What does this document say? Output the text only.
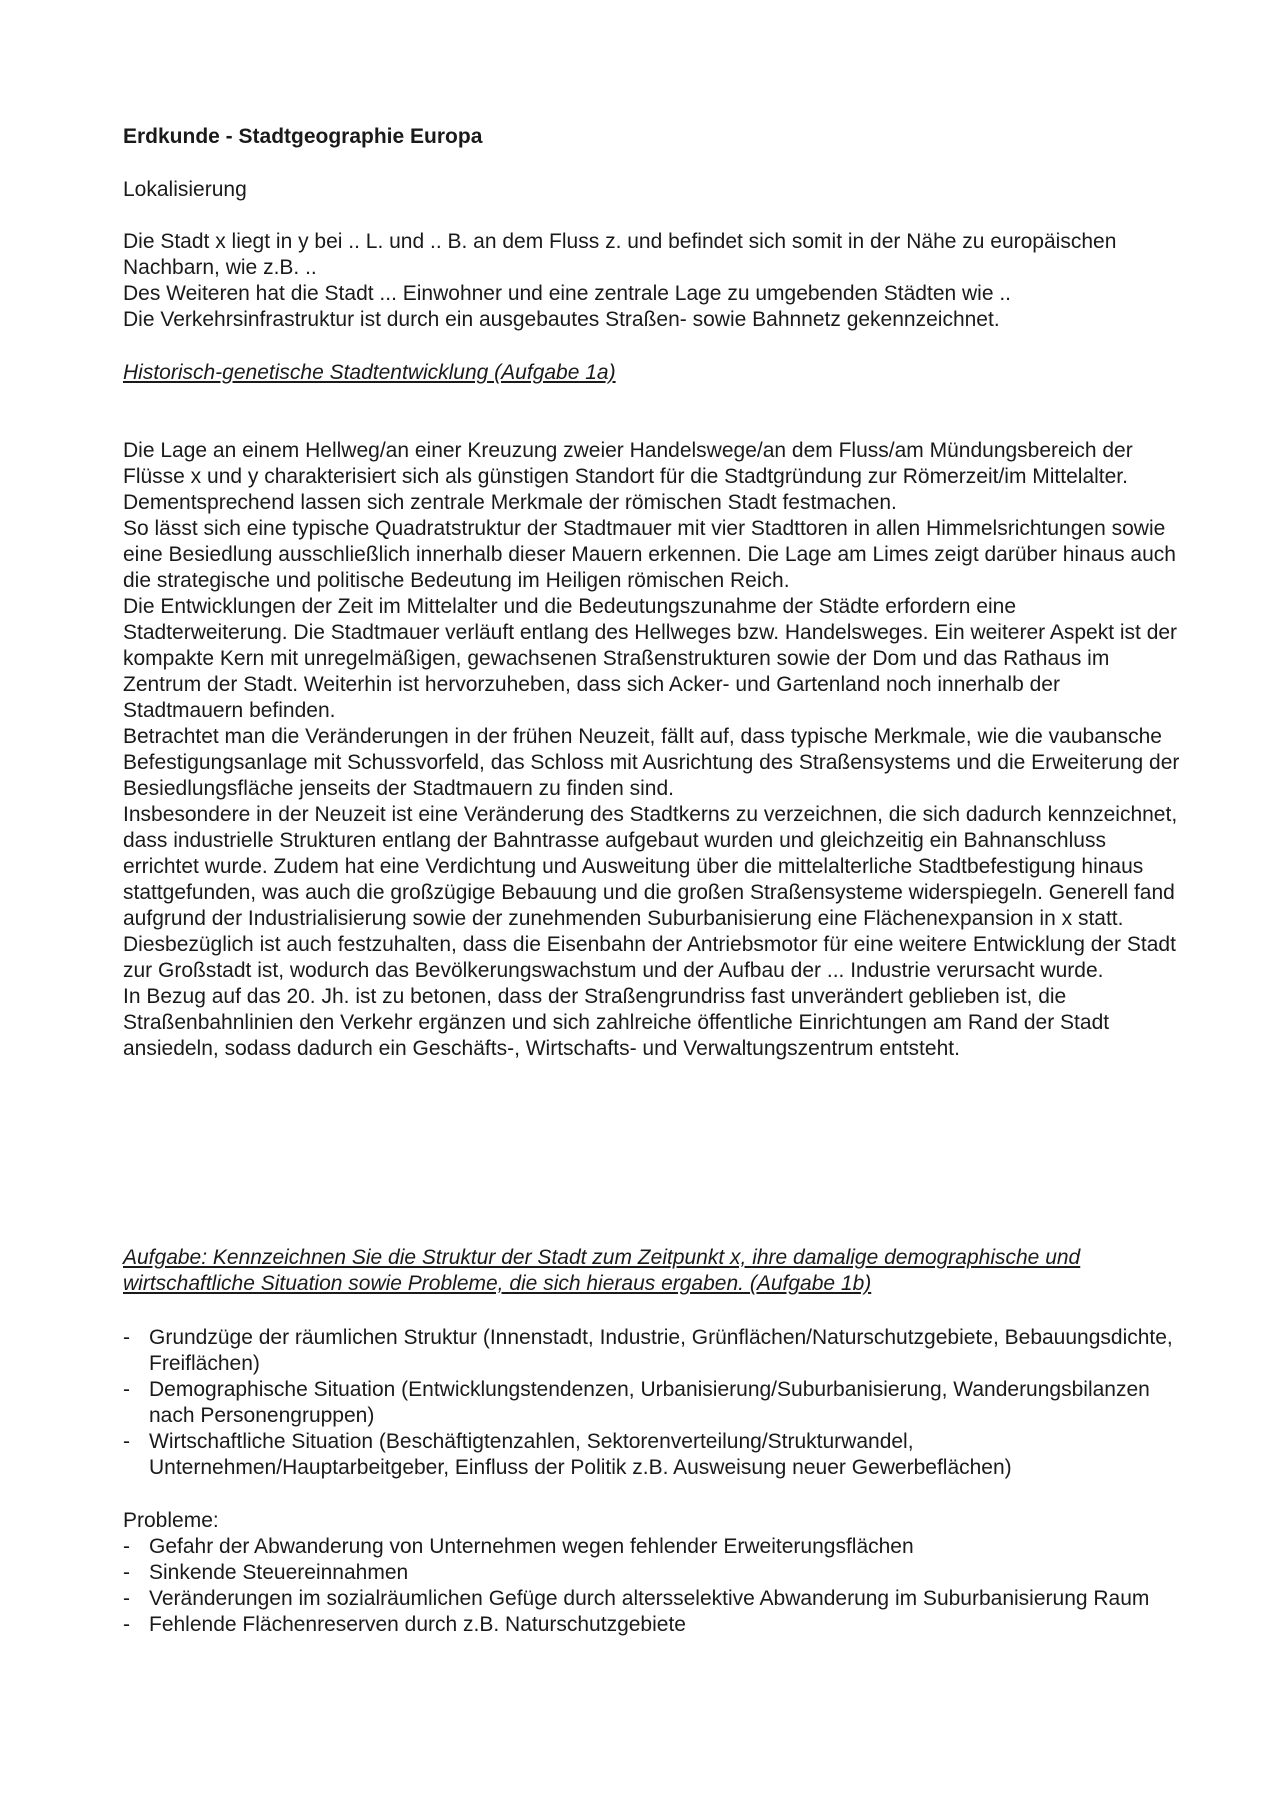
Erdkunde - Stadtgeographie Europa

Lokalisierung

Die Stadt x liegt in y bei .. L. und .. B. an dem Fluss z. und befindet sich somit in der Nähe zu europäischen Nachbarn, wie z.B. ..
Des Weiteren hat die Stadt ... Einwohner und eine zentrale Lage zu umgebenden Städten wie ..
Die Verkehrsinfrastruktur ist durch ein ausgebautes Straßen- sowie Bahnnetz gekennzeichnet.

Historisch-genetische Stadtentwicklung (Aufgabe 1a)

Die Lage an einem Hellweg/an einer Kreuzung zweier Handelswege/an dem Fluss/am Mündungsbereich der Flüsse x und y charakterisiert sich als günstigen Standort für die Stadtgründung zur Römerzeit/im Mittelalter.
Dementsprechend lassen sich zentrale Merkmale der römischen Stadt festmachen.
So lässt sich eine typische Quadratstruktur der Stadtmauer mit vier Stadttoren in allen Himmelsrichtungen sowie eine Besiedlung ausschließlich innerhalb dieser Mauern erkennen. Die Lage am Limes zeigt darüber hinaus auch die strategische und politische Bedeutung im Heiligen römischen Reich.
Die Entwicklungen der Zeit im Mittelalter und die Bedeutungszunahme der Städte erfordern eine Stadterweiterung. Die Stadtmauer verläuft entlang des Hellweges bzw. Handelsweges. Ein weiterer Aspekt ist der kompakte Kern mit unregelmäßigen, gewachsenen Straßenstrukturen sowie der Dom und das Rathaus im Zentrum der Stadt. Weiterhin ist hervorzuheben, dass sich Acker- und Gartenland noch innerhalb der Stadtmauern befinden.
Betrachtet man die Veränderungen in der frühen Neuzeit, fällt auf, dass typische Merkmale, wie die vaubansche Befestigungsanlage mit Schussvorfeld, das Schloss mit Ausrichtung des Straßensystems und die Erweiterung der Besiedlungsfläche jenseits der Stadtmauern zu finden sind.
Insbesondere in der Neuzeit ist eine Veränderung des Stadtkerns zu verzeichnen, die sich dadurch kennzeichnet, dass industrielle Strukturen entlang der Bahntrasse aufgebaut wurden und gleichzeitig ein Bahnanschluss errichtet wurde. Zudem hat eine Verdichtung und Ausweitung über die mittelalterliche Stadtbefestigung hinaus stattgefunden, was auch die großzügige Bebauung und die großen Straßensysteme widerspiegeln. Generell fand aufgrund der Industrialisierung sowie der zunehmenden Suburbanisierung eine Flächenexpansion in x statt.
Diesbezüglich ist auch festzuhalten, dass die Eisenbahn der Antriebsmotor für eine weitere Entwicklung der Stadt zur Großstadt ist, wodurch das Bevölkerungswachstum und der Aufbau der ... Industrie verursacht wurde.
In Bezug auf das 20. Jh. ist zu betonen, dass der Straßengrundriss fast unverändert geblieben ist, die Straßenbahnlinien den Verkehr ergänzen und sich zahlreiche öffentliche Einrichtungen am Rand der Stadt ansiedeln, sodass dadurch ein Geschäfts-, Wirtschafts- und Verwaltungszentrum entsteht.

Aufgabe: Kennzeichnen Sie die Struktur der Stadt zum Zeitpunkt x, ihre damalige demographische und wirtschaftliche Situation sowie Probleme, die sich hieraus ergaben. (Aufgabe 1b)

- Grundzüge der räumlichen Struktur (Innenstadt, Industrie, Grünflächen/Naturschutzgebiete, Bebauungsdichte, Freiflächen)
- Demographische Situation (Entwicklungstendenzen, Urbanisierung/Suburbanisierung, Wanderungsbilanzen nach Personengruppen)
- Wirtschaftliche Situation (Beschäftigtenzahlen, Sektorenverteilung/Strukturwandel, Unternehmen/Hauptarbeitgeber, Einfluss der Politik z.B. Ausweisung neuer Gewerbeflächen)

Probleme:

- Gefahr der Abwanderung von Unternehmen wegen fehlender Erweiterungsflächen
- Sinkende Steuereinnahmen
- Veränderungen im sozialräumlichen Gefüge durch altersselektive Abwanderung im Suburbanisierung Raum
- Fehlende Flächenreserven durch z.B. Naturschutzgebiete
